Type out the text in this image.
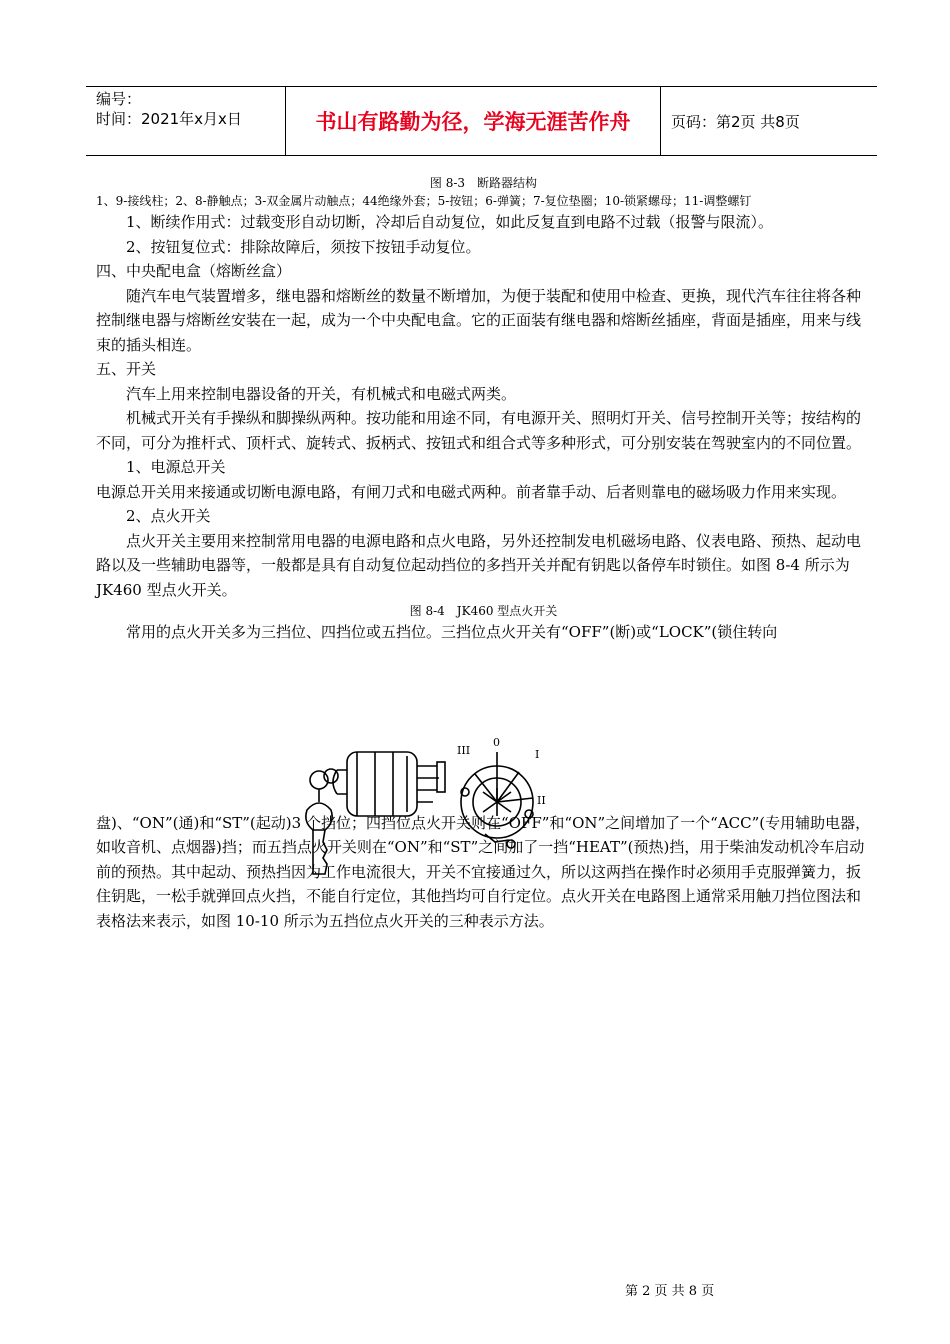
编号：
时间：2021年x月x日	书山有路勤为径，学海无涯苦作舟	页码：第2页 共8页
图 8-3　断路器结构
1、9-接线柱；2、8-静触点；3-双金属片动触点；44绝缘外套；5-按钮；6-弹簧；7-复位垫圈；10-锁紧螺母；11-调整螺钉

1、断续作用式：过载变形自动切断，冷却后自动复位，如此反复直到电路不过载（报警与限流）。

2、按钮复位式：排除故障后，须按下按钮手动复位。

四、中央配电盒（熔断丝盒）

随汽车电气装置增多，继电器和熔断丝的数量不断增加，为便于装配和使用中检查、更换，现代汽车往往将各种控制继电器与熔断丝安装在一起，成为一个中央配电盒。它的正面装有继电器和熔断丝插座，背面是插座，用来与线束的插头相连。

五、开关

汽车上用来控制电器设备的开关，有机械式和电磁式两类。

机械式开关有手操纵和脚操纵两种。按功能和用途不同，有电源开关、照明灯开关、信号控制开关等；按结构的不同，可分为推杆式、顶杆式、旋转式、扳柄式、按钮式和组合式等多种形式，可分别安装在驾驶室内的不同位置。

1、电源总开关

电源总开关用来接通或切断电源电路，有闸刀式和电磁式两种。前者靠手动、后者则靠电的磁场吸力作用来实现。

2、点火开关

点火开关主要用来控制常用电器的电源电路和点火电路，另外还控制发电机磁场电路、仪表电路、预热、起动电路以及一些辅助电器等，一般都是具有自动复位起动挡位的多挡开关并配有钥匙以备停车时锁住。如图 8-4 所示为 JK460 型点火开关。

图 8-4　JK460 型点火开关

常用的点火开关多为三挡位、四挡位或五挡位。三挡位点火开关有“OFF”(断)或“LOCK”(锁住转向

盘)、“ON”(通)和“ST”(起动)3 个挡位；四挡位点火开关则在“OFF”和“ON”之间增加了一个“ACC”(专用辅助电器，如收音机、点烟器)挡；而五挡点火开关则在“ON”和“ST”之间加了一挡“HEAT”(预热)挡，用于柴油发动机冷车启动前的预热。其中起动、预热挡因为工作电流很大，开关不宜接通过久，所以这两挡在操作时必须用手克服弹簧力，扳住钥匙，一松手就弹回点火挡，不能自行定位，其他挡均可自行定位。点火开关在电路图上通常采用触刀挡位图法和表格法来表示，如图 10-10 所示为五挡位点火开关的三种表示方法。

0
I
II
III
第 2 页 共 8 页
